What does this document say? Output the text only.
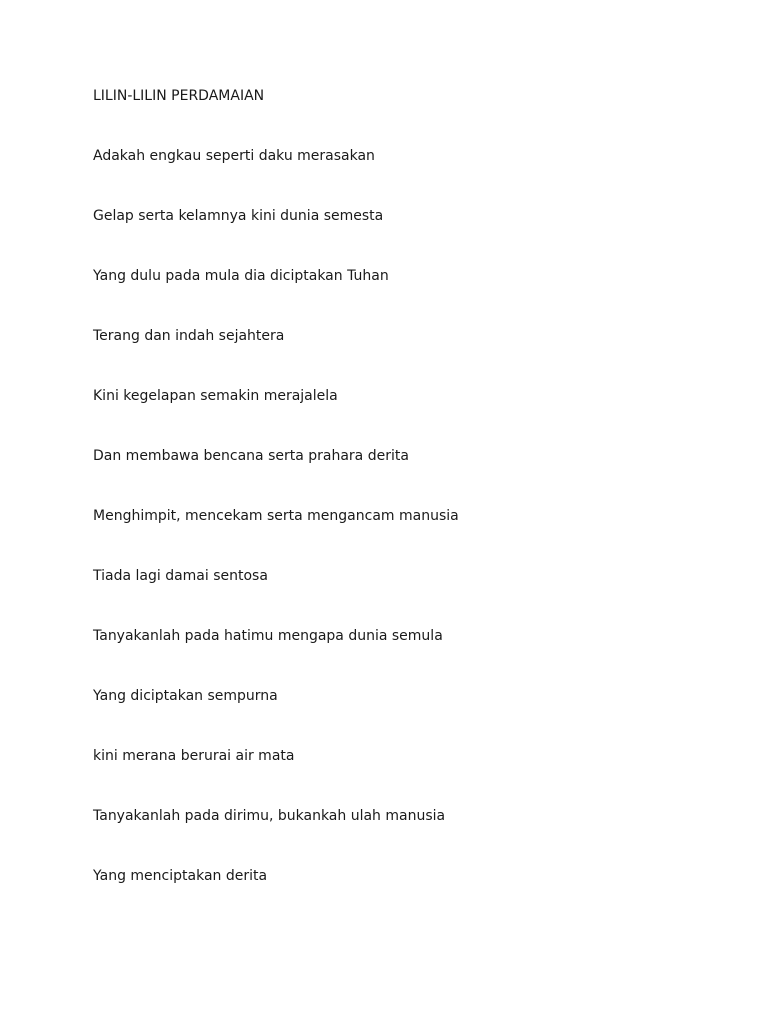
LILIN-LILIN PERDAMAIAN
Adakah engkau seperti daku merasakan
Gelap serta kelamnya kini dunia semesta
Yang dulu pada mula dia diciptakan Tuhan
Terang dan indah sejahtera
Kini kegelapan semakin merajalela
Dan membawa bencana serta prahara derita
Menghimpit, mencekam serta mengancam manusia
Tiada lagi damai sentosa
Tanyakanlah pada hatimu mengapa dunia semula
Yang diciptakan sempurna
kini merana berurai air mata
Tanyakanlah pada dirimu, bukankah ulah manusia
Yang menciptakan derita
